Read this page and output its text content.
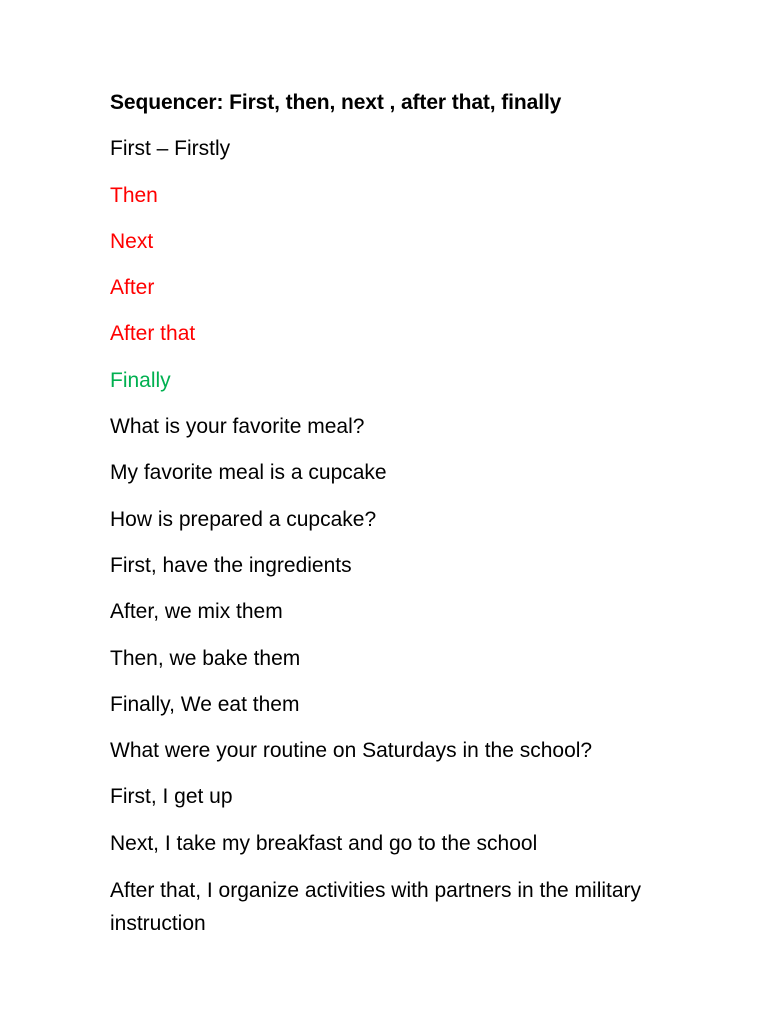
Sequencer: First, then, next , after that, finally
First – Firstly
Then
Next
After
After that
Finally
What is your favorite meal?
My favorite meal is a cupcake
How is prepared a cupcake?
First, have the ingredients
After, we mix them
Then, we bake them
Finally, We eat them
What were your routine on Saturdays in the school?
First, I get up
Next, I take my breakfast and go to the school
After that, I organize activities with partners in the military instruction
